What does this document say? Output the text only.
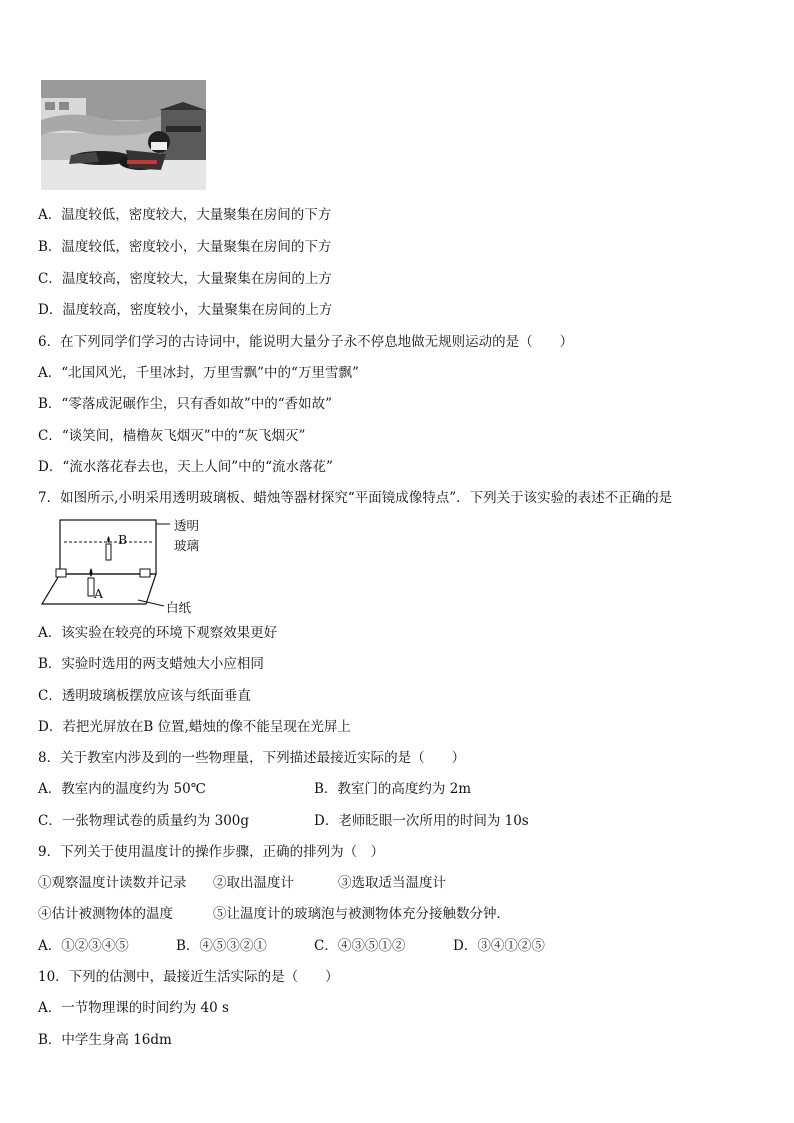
A．温度较低，密度较大，大量聚集在房间的下方
B．温度较低，密度较小，大量聚集在房间的下方
C．温度较高，密度较大，大量聚集在房间的上方
D．温度较高，密度较小，大量聚集在房间的上方
6．在下列同学们学习的古诗词中，能说明大量分子永不停息地做无规则运动的是（　　）
A．“北国风光，千里冰封，万里雪飘”中的“万里雪飘”
B．“零落成泥碾作尘，只有香如故”中的“香如故”
C．“谈笑间，樯橹灰飞烟灭”中的“灰飞烟灭”
D．“流水落花春去也，天上人间”中的“流水落花”
7．如图所示,小明采用透明玻璃板、蜡烛等器材探究“平面镜成像特点”．下列关于该实验的表述不正确的是
透明
玻璃
B
A
白纸
A．该实验在较亮的环境下观察效果更好
B．实验时选用的两支蜡烛大小应相同
C．透明玻璃板摆放应该与纸面垂直
D．若把光屏放在B 位置,蜡烛的像不能呈现在光屏上
8．关于教室内涉及到的一些物理量，下列描述最接近实际的是（　　）
A．教室内的温度约为 50℃	B．教室门的高度约为 2m
C．一张物理试卷的质量约为 300g	D．老师眨眼一次所用的时间为 10s
9．下列关于使用温度计的操作步骤，正确的排列为（　）
①观察温度计读数并记录 ②取出温度计	③选取适当温度计
④估计被测物体的温度	⑤让温度计的玻璃泡与被测物体充分接触数分钟．
A．①②③④⑤	B．④⑤③②①	C．④③⑤①②	D．③④①②⑤
10．下列的估测中，最接近生活实际的是（　　）
A．一节物理课的时间约为 40 s
B．中学生身高 16dm
